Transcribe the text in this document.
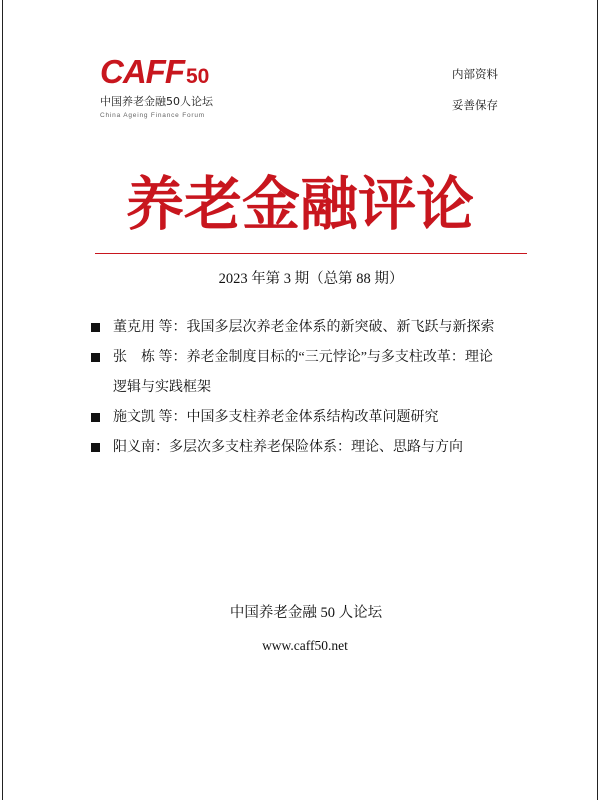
CAFF50
中国养老金融50人论坛
China Ageing Finance Forum
内部资料
妥善保存
养老金融评论
2023 年第 3 期（总第 88 期）
董克用 等：我国多层次养老金体系的新突破、新飞跃与新探索
张　栋 等：养老金制度目标的“三元悖论”与多支柱改革：理论
逻辑与实践框架
施文凯 等：中国多支柱养老金体系结构改革问题研究
阳义南：多层次多支柱养老保险体系：理论、思路与方向
中国养老金融 50 人论坛
www.caff50.net
